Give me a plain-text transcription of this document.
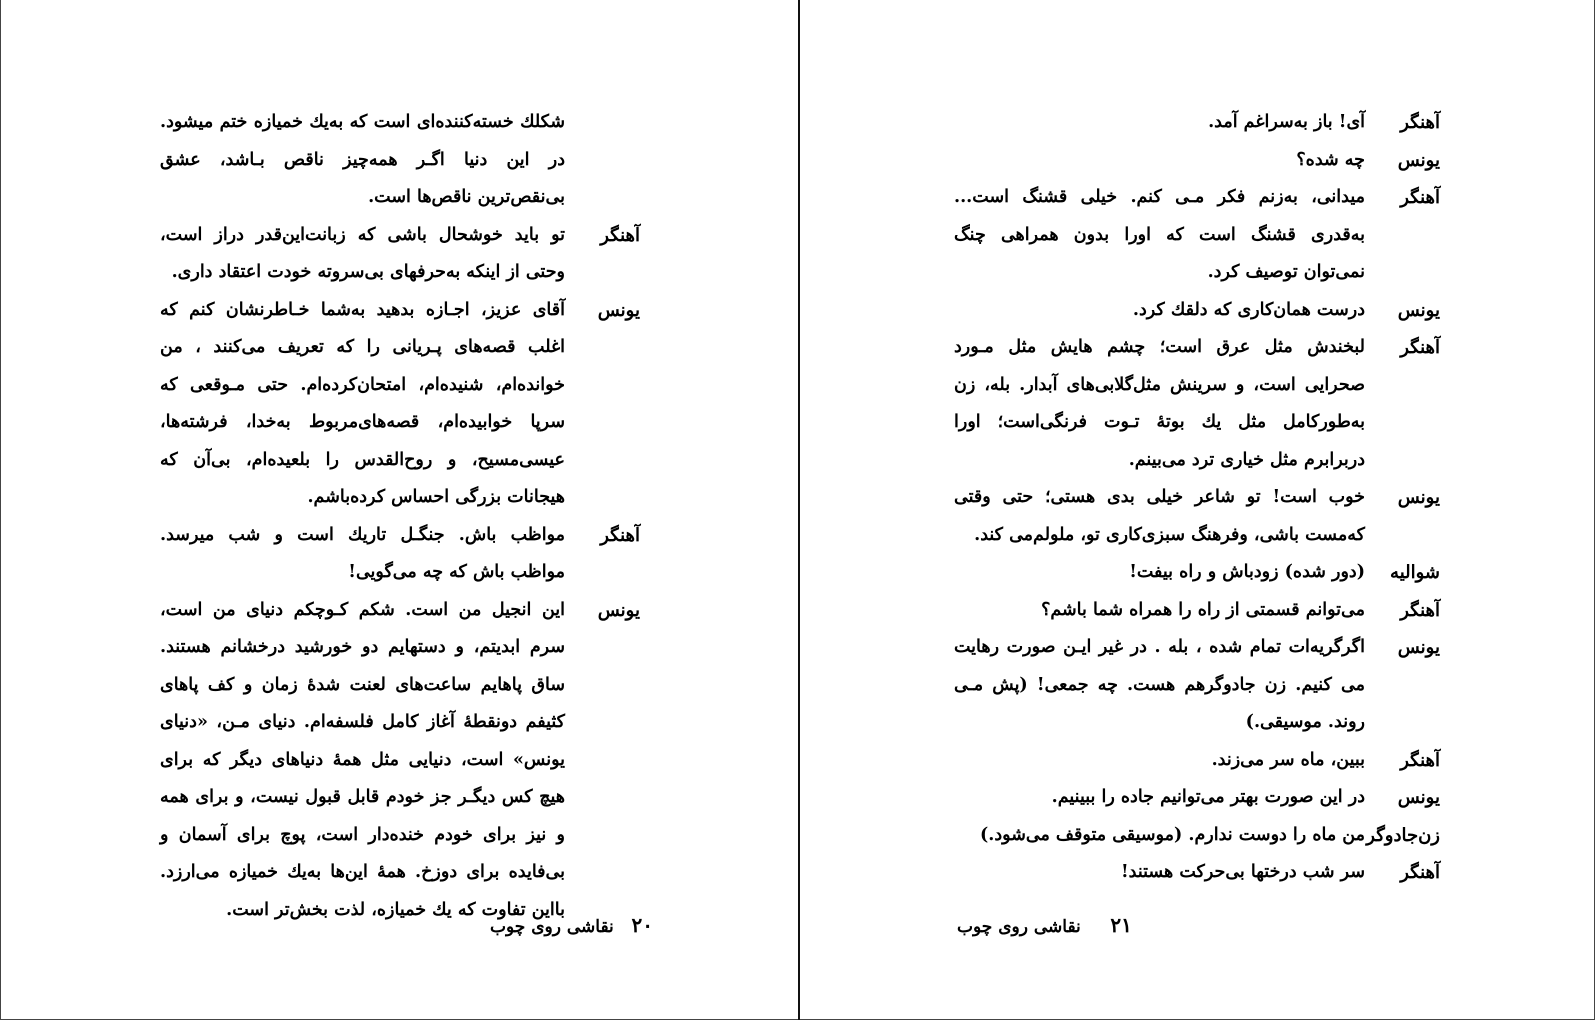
شکلك خسته‌کننده‌ای است که به‌یك خمیازه ختم میشود. در این دنیا اگـر همه‌چیز ناقص بـاشد، عشق بی‌نقص‌ترین ناقص‌ها است.
آهنگر
تو باید خوشحال باشی که زبانت‌این‌قدر دراز است، وحتی از اینکه به‌حرفهای بی‌سروته خودت اعتقاد داری.
یونس
آقای عزیز، اجـازه بدهید به‌شما خـاطرنشان کنم که اغلب قصه‌های پـریانی را که تعریف می‌کنند ، من خوانده‌ام، شنیده‌ام، امتحان‌کرده‌ام. حتی مـوقعی که سرپا خوابیده‌ام، قصه‌های‌مربوط به‌خدا، فرشته‌ها، عیسی‌مسیح، و روح‌القدس را بلعیده‌ام، بی‌آن که هیجانات بزرگی احساس کرده‌باشم.
آهنگر
مواظب باش. جنگـل تاریك است و شب میرسد. مواظب باش که چه می‌گویی!
یونس
این انجیل من است. شکم کـوچکم دنیای من است، سرم ابدیتم، و دستهایم دو خورشید درخشانم هستند. ساق پاهایم ساعت‌های لعنت شدهٔ زمان و کف پاهای کثیفم دونقطهٔ آغاز کامل فلسفه‌ام. دنیای مـن، «دنیای یونس» است، دنیایی مثل همهٔ دنیاهای دیگر که برای هیچ کس دیگـر جز خودم قابل قبول نیست، و برای همه و نیز برای خودم خنده‌دار است، پوچ برای آسمان و بی‌فایده برای دوزخ. همهٔ این‌ها به‌یك خمیازه می‌ارزد. بااین تفاوت که یك خمیازه، لذت بخش‌تر است.
۲۰   نقاشی روی چوب
آهنگر
آی! باز به‌سراغم آمد.
یونس
چه شده؟
آهنگر
میدانی، به‌زنم فکر مـی کنم. خیلی قشنگ است... به‌قدری قشنگ است که اورا بدون همراهی چنگ نمی‌توان توصیف کرد.
یونس
درست همان‌کاری که دلقك کرد.
آهنگر
لبخندش مثل عرق است؛ چشم هایش مثل مـورد صحرایی است، و سرینش مثل‌گلابی‌های آبدار. بله، زن به‌طورکامل مثل یك بوتهٔ تـوت فرنگی‌است؛ اورا دربرابرم مثل خیاری ترد می‌بینم.
یونس
خوب است! تو شاعر خیلی بدی هستی؛ حتی وقتی که‌مست باشی، وفرهنگ سبزی‌کاری تو، ملولم‌می کند.
شوالیه
(دور شده) زودباش و راه بیفت!
آهنگر
می‌توانم قسمتی از راه را همراه شما باشم؟
یونس
اگرگریه‌ات تمام شده ، بله . در غیر ایـن صورت رهایت می کنیم. زن جادوگرهم هست. چه جمعی! (پش مـی روند. موسیقی.)
آهنگر
ببین، ماه سر می‌زند.
یونس
در این صورت بهتر می‌توانیم جاده را ببینیم.
زن‌جادوگر
من ماه را دوست ندارم. (موسیقی متوقف می‌شود.)
آهنگر
سر شب درختها بی‌حرکت هستند!
۲۱     نقاشی روی چوب
